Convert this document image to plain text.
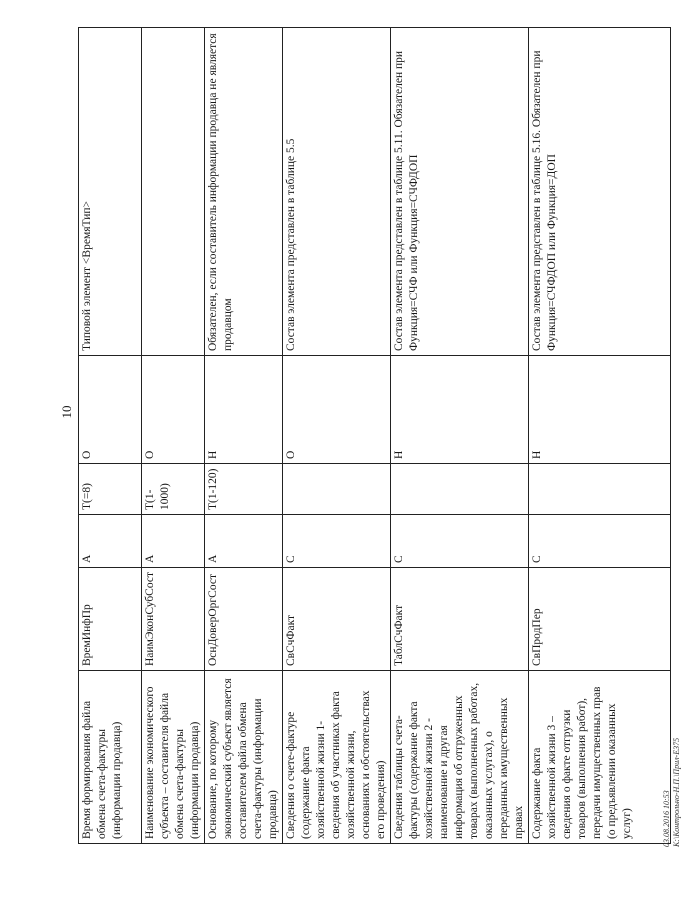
10
Время формирования файла обмена счета-фактуры (информации продавца)	ВремИнфПр	А	T(=8)	О	Типовой элемент <ВремяТип>
Наименование экономического субъекта – составителя файла обмена счета-фактуры (информации продавца)	НаимЭконСубСост	А	T(1-1000)	О	
Основание, по которому экономический субъект является составителем файла обмена счета-фактуры (информации продавца)	ОснДоверОргСост	А	T(1-120)	Н	Обязателен, если составитель информации продавца не является продавцом
Сведения о счете-фактуре (содержание факта хозяйственной жизни 1- сведения об участниках факта хозяйственной жизни, основаниях и обстоятельствах его проведения)	СвСчФакт	С		О	Состав элемента представлен в таблице 5.5
Сведения таблицы счета-фактуры (содержание факта хозяйственной жизни 2 - наименование и другая информация об отгруженных товарах (выполненных работах, оказанных услугах), о переданных имущественных правах	ТаблСчФакт	С		Н	Состав элемента представлен в таблице 5.11. Обязателен при Функция=СЧФ или Функция=СЧФДОП
Содержание факта хозяйственной жизни 3 – сведения о факте отгрузки товаров (выполнения работ), передачи имущественных прав (о предъявлении оказанных услуг)	СвПродПер	С		Н	Состав элемента представлен в таблице 5.16. Обязателен при Функция=СЧФДОП или Функция=ДОП
03.08.2016 10:53 К:\Контрольно-Н.П.\Прил-Е375
